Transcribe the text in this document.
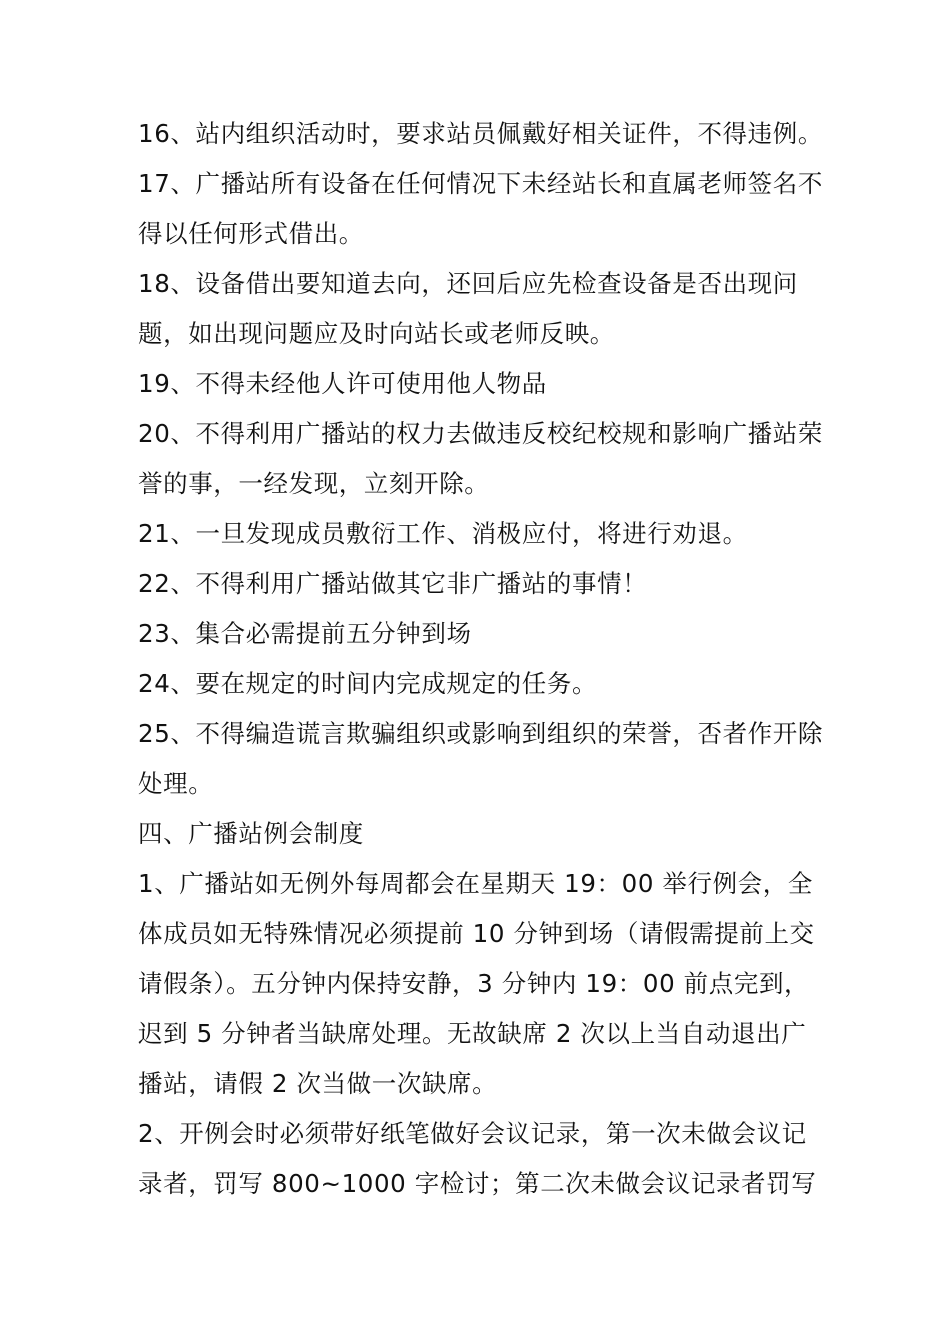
16、站内组织活动时，要求站员佩戴好相关证件，不得违例。

17、广播站所有设备在任何情况下未经站长和直属老师签名不得以任何形式借出。

18、设备借出要知道去向，还回后应先检查设备是否出现问题，如出现问题应及时向站长或老师反映。

19、不得未经他人许可使用他人物品

20、不得利用广播站的权力去做违反校纪校规和影响广播站荣誉的事，一经发现，立刻开除。

21、一旦发现成员敷衍工作、消极应付，将进行劝退。

22、不得利用广播站做其它非广播站的事情！

23、集合必需提前五分钟到场

24、要在规定的时间内完成规定的任务。

25、不得编造谎言欺骗组织或影响到组织的荣誉，否者作开除处理。

四、广播站例会制度

1、广播站如无例外每周都会在星期天 19：00 举行例会，全体成员如无特殊情况必须提前 10 分钟到场（请假需提前上交请假条）。五分钟内保持安静，3 分钟内 19：00 前点完到，迟到 5 分钟者当缺席处理。无故缺席 2 次以上当自动退出广播站，请假 2 次当做一次缺席。

2、开例会时必须带好纸笔做好会议记录，第一次未做会议记录者，罚写 800~1000 字检讨；第二次未做会议记录者罚写
